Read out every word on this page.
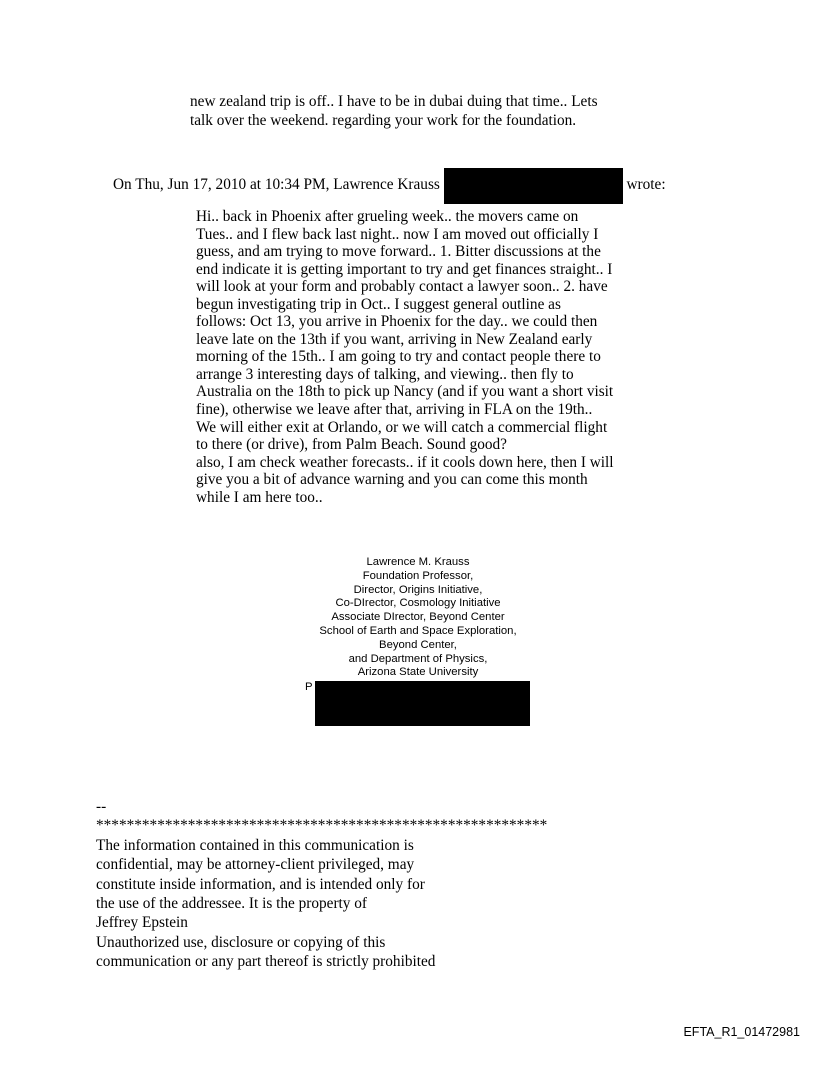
new zealand trip is off.. I have to be in dubai duing that time.. Lets
talk over the weekend. regarding your work for the foundation.
On Thu, Jun 17, 2010 at 10:34 PM, Lawrence Krauss	wrote:
Hi.. back in Phoenix after grueling week.. the movers came on
Tues.. and I flew back last night.. now I am moved out officially I
guess, and am trying to move forward.. 1. Bitter discussions at the
end indicate it is getting important to try and get finances straight.. I
will look at your form and probably contact a lawyer soon.. 2. have
begun investigating trip in Oct.. I suggest general outline as
follows: Oct 13, you arrive in Phoenix for the day.. we could then
leave late on the 13th if you want, arriving in New Zealand early
morning of the 15th.. I am going to try and contact people there to
arrange 3 interesting days of talking, and viewing.. then fly to
Australia on the 18th to pick up Nancy (and if you want a short visit
fine), otherwise we leave after that, arriving in FLA on the 19th..
We will either exit at Orlando, or we will catch a commercial flight
to there (or drive), from Palm Beach. Sound good?
also, I am check weather forecasts.. if it cools down here, then I will
give you a bit of advance warning and you can come this month
while I am here too..
Lawrence M. Krauss
Foundation Professor,
Director, Origins Initiative,
Co-DIrector, Cosmology Initiative
Associate DIrector, Beyond Center
School of Earth and Space Exploration,
Beyond Center,
and Department of Physics,
Arizona State University
P
--
***********************************************************
The information contained in this communication is
confidential, may be attorney-client privileged, may
constitute inside information, and is intended only for
the use of the addressee. It is the property of
Jeffrey Epstein
Unauthorized use, disclosure or copying of this
communication or any part thereof is strictly prohibited
EFTA_R1_01472981
